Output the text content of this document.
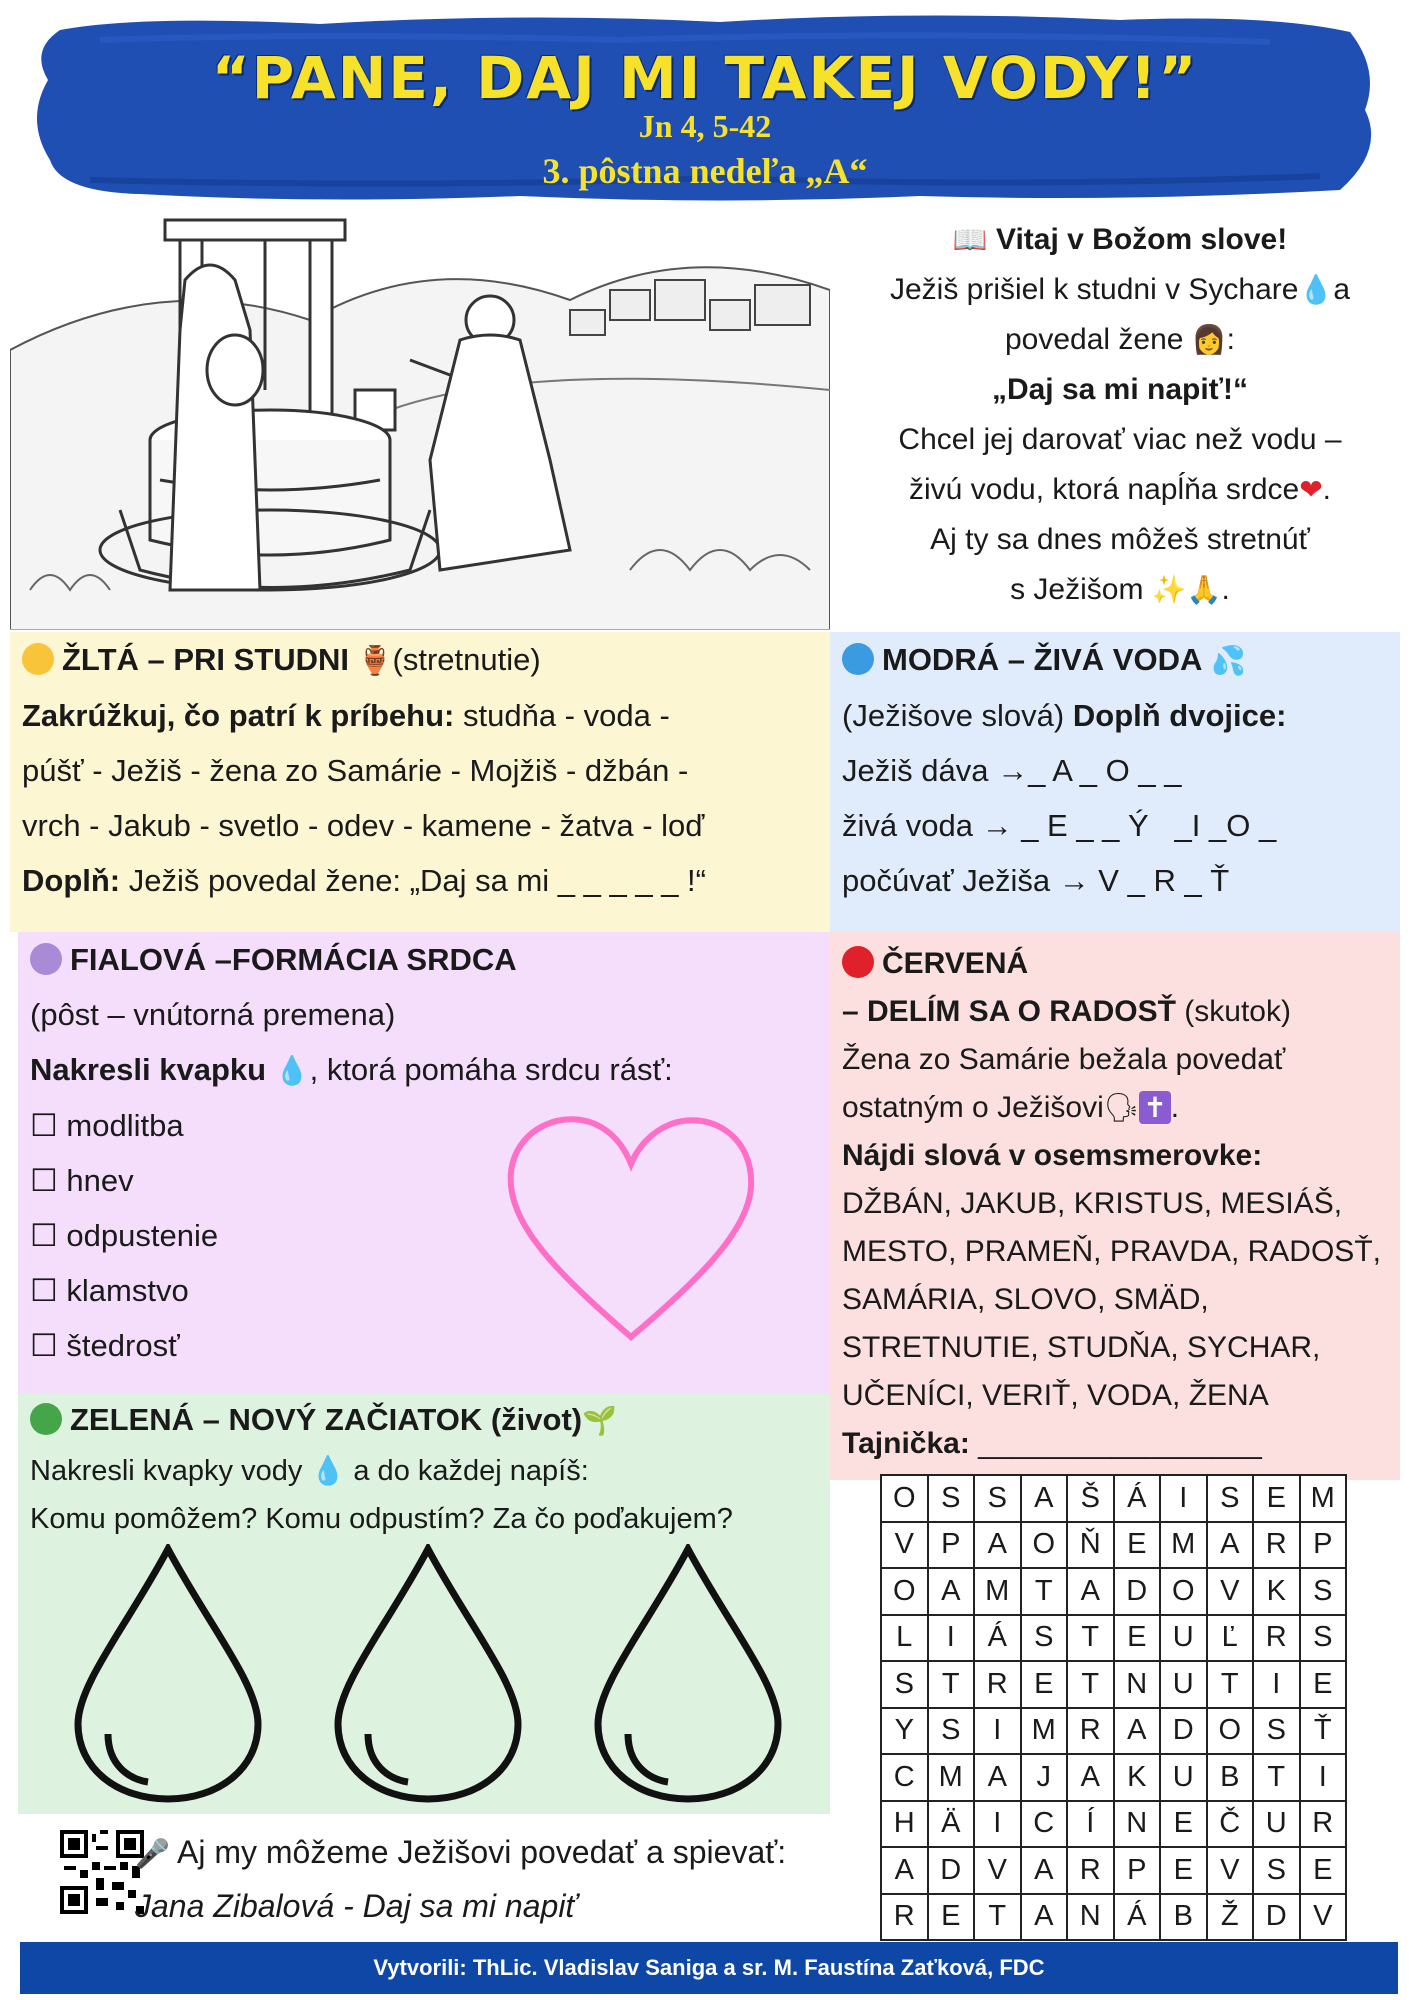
“PANE, DAJ MI TAKEJ VODY!”
Jn 4, 5-42
3. pôstna nedeľa „A“
📖 Vitaj v Božom slove!
Ježiš prišiel k studni v Sychare💧a
povedal žene 👩:
„Daj sa mi napiť!“
Chcel jej darovať viac než vodu –
živú vodu, ktorá napĺňa srdce❤.
Aj ty sa dnes môžeš stretnúť
s Ježišom ✨🙏.
ŽLTÁ – PRI STUDNI 🏺(stretnutie)
Zakrúžkuj, čo patrí k príbehu: studňa - voda -
púšť - Ježiš - žena zo Samárie - Mojžiš - džbán -
vrch - Jakub - svetlo - odev - kamene - žatva - loď
Doplň: Ježiš povedal žene: „Daj sa mi _ _ _ _ _ !“
MODRÁ – ŽIVÁ VODA 💦
(Ježišove slová) Doplň dvojice:
Ježiš dáva →_ A _ O _ _
živá voda → _ E _ _ Ý   _I _O _
počúvať Ježiša → V _ R _ Ť
FIALOVÁ –FORMÁCIA SRDCA
(pôst – vnútorná premena)
Nakresli kvapku 💧, ktorá pomáha srdcu rásť:
☐ modlitba
☐ hnev
☐ odpustenie
☐ klamstvo
☐ štedrosť
ČERVENÁ
– DELÍM SA O RADOSŤ (skutok)
Žena zo Samárie bežala povedať
ostatným o Ježišovi🗣 ✝ .
Nájdi slová v osemsmerovke:
DŽBÁN, JAKUB, KRISTUS, MESIÁŠ,
MESTO, PRAMEŇ, PRAVDA, RADOSŤ,
SAMÁRIA, SLOVO, SMÄD,
STRETNUTIE, STUDŇA, SYCHAR,
UČENÍCI, VERIŤ, VODA, ŽENA
Tajnička: _________________
ZELENÁ – NOVÝ ZAČIATOK (život)🌱
Nakresli kvapky vody 💧 a do každej napíš:
Komu pomôžem? Komu odpustím? Za čo poďakujem?
O	S	S	A	Š	Á	I	S	E	M
V	P	A	O	Ň	E	M	A	R	P
O	A	M	T	A	D	O	V	K	S
L	I	Á	S	T	E	U	Ľ	R	S
S	T	R	E	T	N	U	T	I	E
Y	S	I	M	R	A	D	O	S	Ť
C	M	A	J	A	K	U	B	T	I
H	Ä	I	C	Í	N	E	Č	U	R
A	D	V	A	R	P	E	V	S	E
R	E	T	A	N	Á	B	Ž	D	V
🎤 Aj my môžeme Ježišovi povedať a spievať:
Jana Zibalová - Daj sa mi napiť
Vytvorili: ThLic. Vladislav Saniga a sr. M. Faustína Zaťková, FDC
